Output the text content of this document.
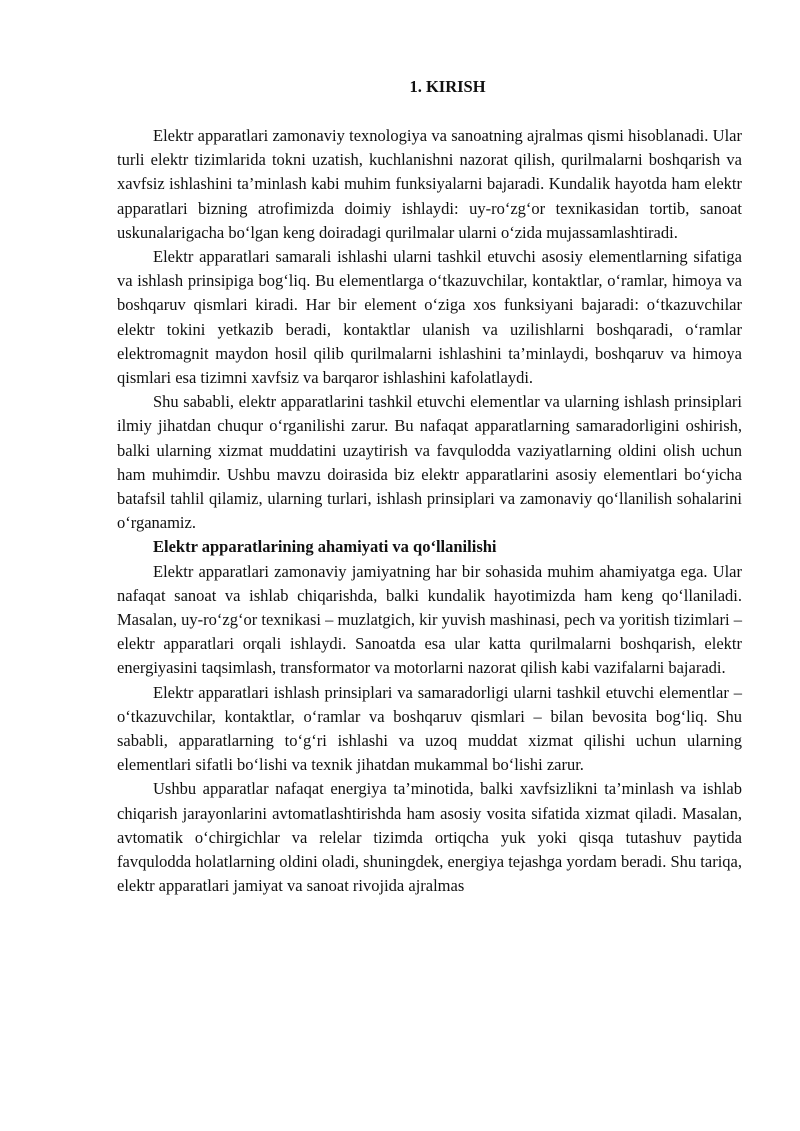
1. KIRISH

Elektr apparatlari zamonaviy texnologiya va sanoatning ajralmas qismi hisoblanadi. Ular turli elektr tizimlarida tokni uzatish, kuchlanishni nazorat qilish, qurilmalarni boshqarish va xavfsiz ishlashini ta’minlash kabi muhim funksiyalarni bajaradi. Kundalik hayotda ham elektr apparatlari bizning atrofimizda doimiy ishlaydi: uy-ro‘zg‘or texnikasidan tortib, sanoat uskunalarigacha bo‘lgan keng doiradagi qurilmalar ularni o‘zida mujassamlashtiradi.

Elektr apparatlari samarali ishlashi ularni tashkil etuvchi asosiy elementlarning sifatiga va ishlash prinsipiga bog‘liq. Bu elementlarga o‘tkazuvchilar, kontaktlar, o‘ramlar, himoya va boshqaruv qismlari kiradi. Har bir element o‘ziga xos funksiyani bajaradi: o‘tkazuvchilar elektr tokini yetkazib beradi, kontaktlar ulanish va uzilishlarni boshqaradi, o‘ramlar elektromagnit maydon hosil qilib qurilmalarni ishlashini ta’minlaydi, boshqaruv va himoya qismlari esa tizimni xavfsiz va barqaror ishlashini kafolatlaydi.

Shu sababli, elektr apparatlarini tashkil etuvchi elementlar va ularning ishlash prinsiplari ilmiy jihatdan chuqur o‘rganilishi zarur. Bu nafaqat apparatlarning samaradorligini oshirish, balki ularning xizmat muddatini uzaytirish va favqulodda vaziyatlarning oldini olish uchun ham muhimdir. Ushbu mavzu doirasida biz elektr apparatlarini asosiy elementlari bo‘yicha batafsil tahlil qilamiz, ularning turlari, ishlash prinsiplari va zamonaviy qo‘llanilish sohalarini o‘rganamiz.

Elektr apparatlarining ahamiyati va qo‘llanilishi

Elektr apparatlari zamonaviy jamiyatning har bir sohasida muhim ahamiyatga ega. Ular nafaqat sanoat va ishlab chiqarishda, balki kundalik hayotimizda ham keng qo‘llaniladi. Masalan, uy-ro‘zg‘or texnikasi – muzlatgich, kir yuvish mashinasi, pech va yoritish tizimlari – elektr apparatlari orqali ishlaydi. Sanoatda esa ular katta qurilmalarni boshqarish, elektr energiyasini taqsimlash, transformator va motorlarni nazorat qilish kabi vazifalarni bajaradi.

Elektr apparatlari ishlash prinsiplari va samaradorligi ularni tashkil etuvchi elementlar – o‘tkazuvchilar, kontaktlar, o‘ramlar va boshqaruv qismlari – bilan bevosita bog‘liq. Shu sababli, apparatlarning to‘g‘ri ishlashi va uzoq muddat xizmat qilishi uchun ularning elementlari sifatli bo‘lishi va texnik jihatdan mukammal bo‘lishi zarur.

Ushbu apparatlar nafaqat energiya ta’minotida, balki xavfsizlikni ta’minlash va ishlab chiqarish jarayonlarini avtomatlashtirishda ham asosiy vosita sifatida xizmat qiladi. Masalan, avtomatik o‘chirgichlar va relelar tizimda ortiqcha yuk yoki qisqa tutashuv paytida favqulodda holatlarning oldini oladi, shuningdek, energiya tejashga yordam beradi. Shu tariqa, elektr apparatlari jamiyat va sanoat rivojida ajralmas
